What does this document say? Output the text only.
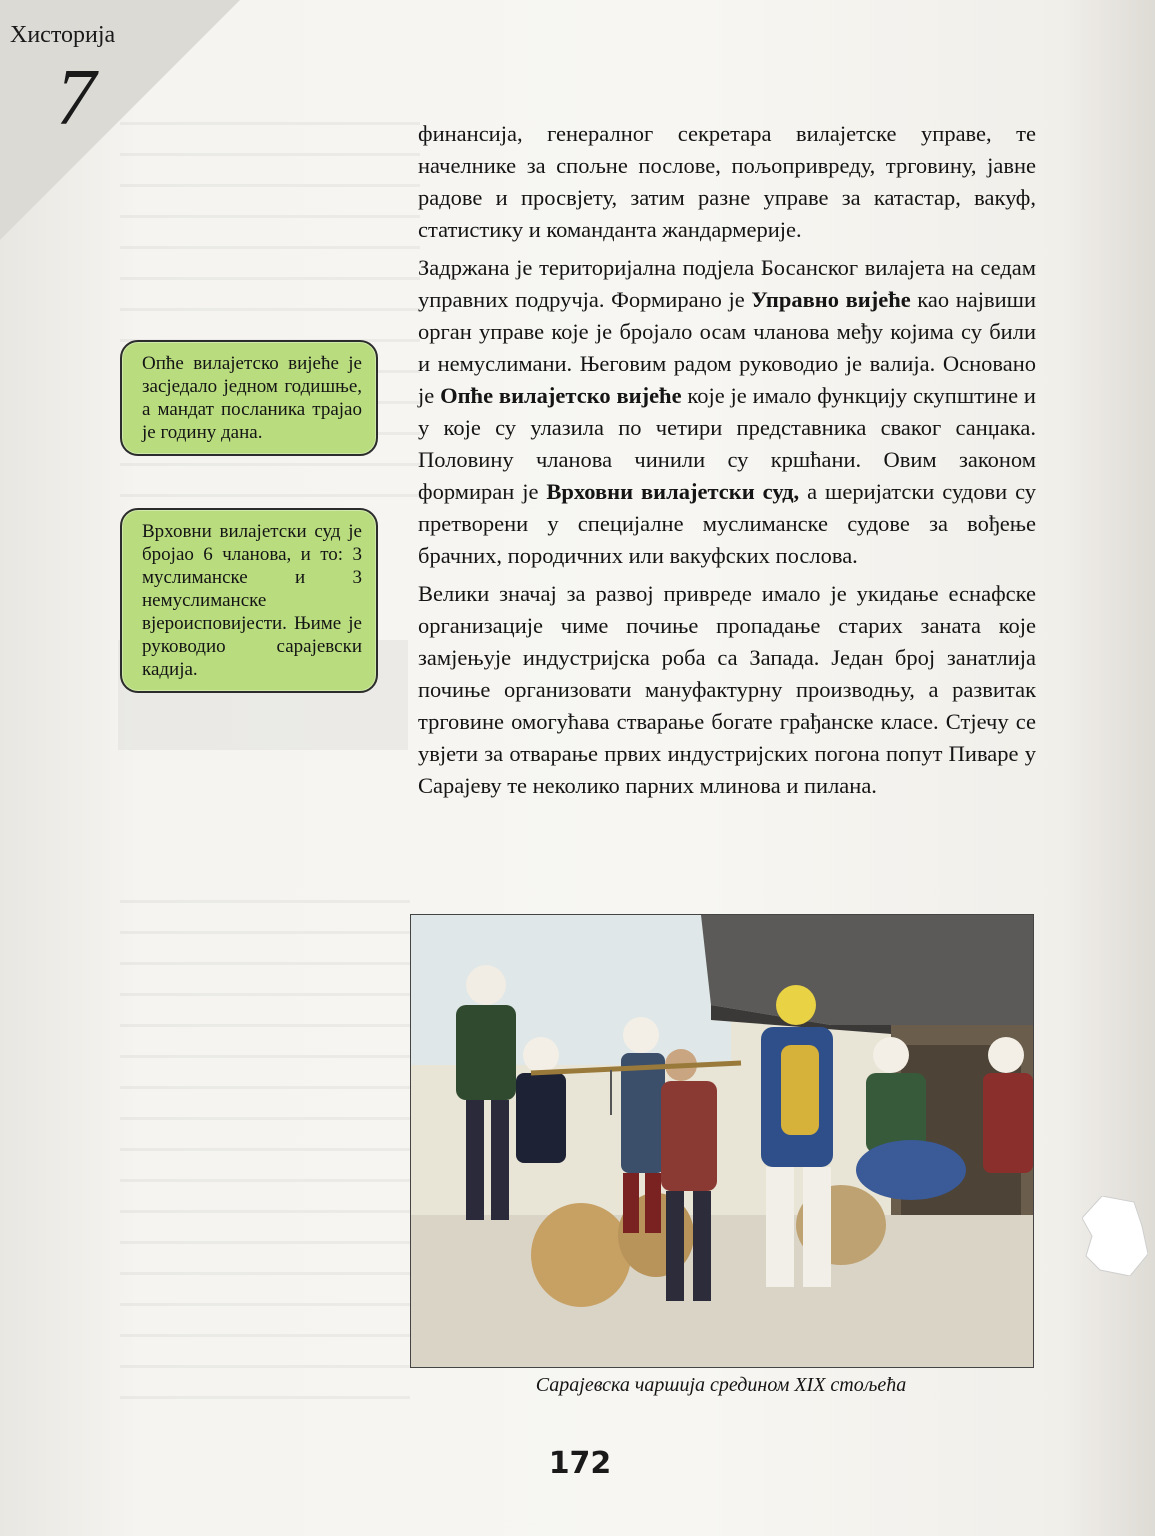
Хисторија
7	финансија, генералног секретара вилајетске управе, те начелнике за спољне послове, пољопривреду, трговину, јавне радове и просвјету, затим разне управе за катастар, вакуф, статистику и команданта жандармерије.

Задржана је територијална подјела Босанског вилајета на седам управних подручја. Формирано је Управно вијеће као највиши орган управе које је бројало осам чланова међу којима су били и немуслимани. Његовим радом руководио је валија. Основано је Опће вилајетско вијеће које је имало функцију скупштине и у које су улазила по четири представника сваког санџака. Половину чланова чинили су кршћани. Овим законом формиран је Врховни вилајетски суд, а шеријатски судови су претворени у специјалне муслиманске судове за вођење брачних, породичних или вакуфских послова.

Велики значај за развој привреде имало је укидање еснафске организације чиме почиње пропадање старих заната које замјењује индустријска роба са Запада. Један број занатлија почиње организовати мануфактурну производњу, а развитак трговине омогућава стварање богате грађанске класе. Стјечу се увјети за отварање првих индустријских погона попут Пиваре у Сарајеву те неколико парних млинова и пилана.

Опће вилајетско вијеће је засједало једном годишње, а мандат посланика трајао је годину дана.
Врховни вилајетски суд је бројао 6 чланова, и то: 3 муслиманске и 3 немуслиманске вјероисповијести. Њиме је руководио сарајевски кадија.
Сарајевска чаршија средином XIX стољећа
172
